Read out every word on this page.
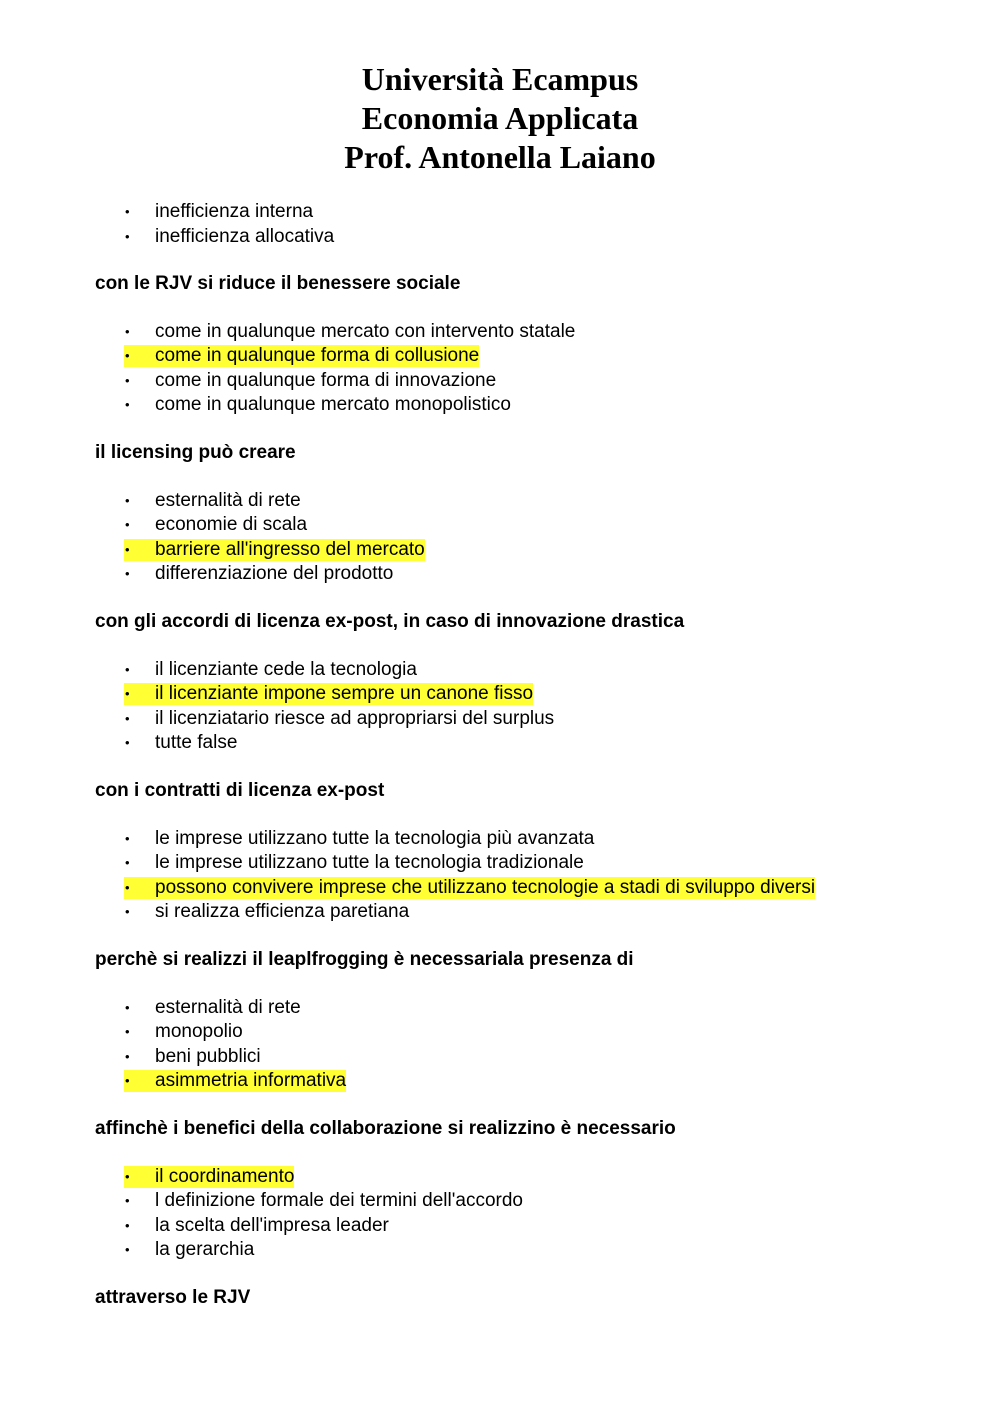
Università Ecampus
Economia Applicata
Prof. Antonella Laiano
•	inefficienza interna
•	inefficienza allocativa
con le RJV si riduce il benessere sociale
•	come in qualunque mercato con intervento statale
•	come in qualunque forma di collusione
•	come in qualunque forma di innovazione
•	come in qualunque mercato monopolistico
il licensing può creare
•	esternalità di rete
•	economie di scala
•	barriere all'ingresso del mercato
•	differenziazione del prodotto
con gli accordi di licenza ex-post, in caso di innovazione drastica
•	il licenziante cede la tecnologia
•	il licenziante impone sempre un canone fisso
•	il licenziatario riesce ad appropriarsi del surplus
•	tutte false
con i contratti di licenza ex-post
•	le imprese utilizzano tutte la tecnologia più avanzata
•	le imprese utilizzano tutte la tecnologia tradizionale
•	possono convivere imprese che utilizzano tecnologie a stadi di sviluppo diversi
•	si realizza efficienza paretiana
perchè si realizzi il leaplfrogging è necessariala presenza di
•	esternalità di rete
•	monopolio
•	beni pubblici
•	asimmetria informativa
affinchè i benefici della collaborazione si realizzino è necessario
•	il coordinamento
•	l definizione formale dei termini dell'accordo
•	la scelta dell'impresa leader
•	la gerarchia
attraverso le RJV
